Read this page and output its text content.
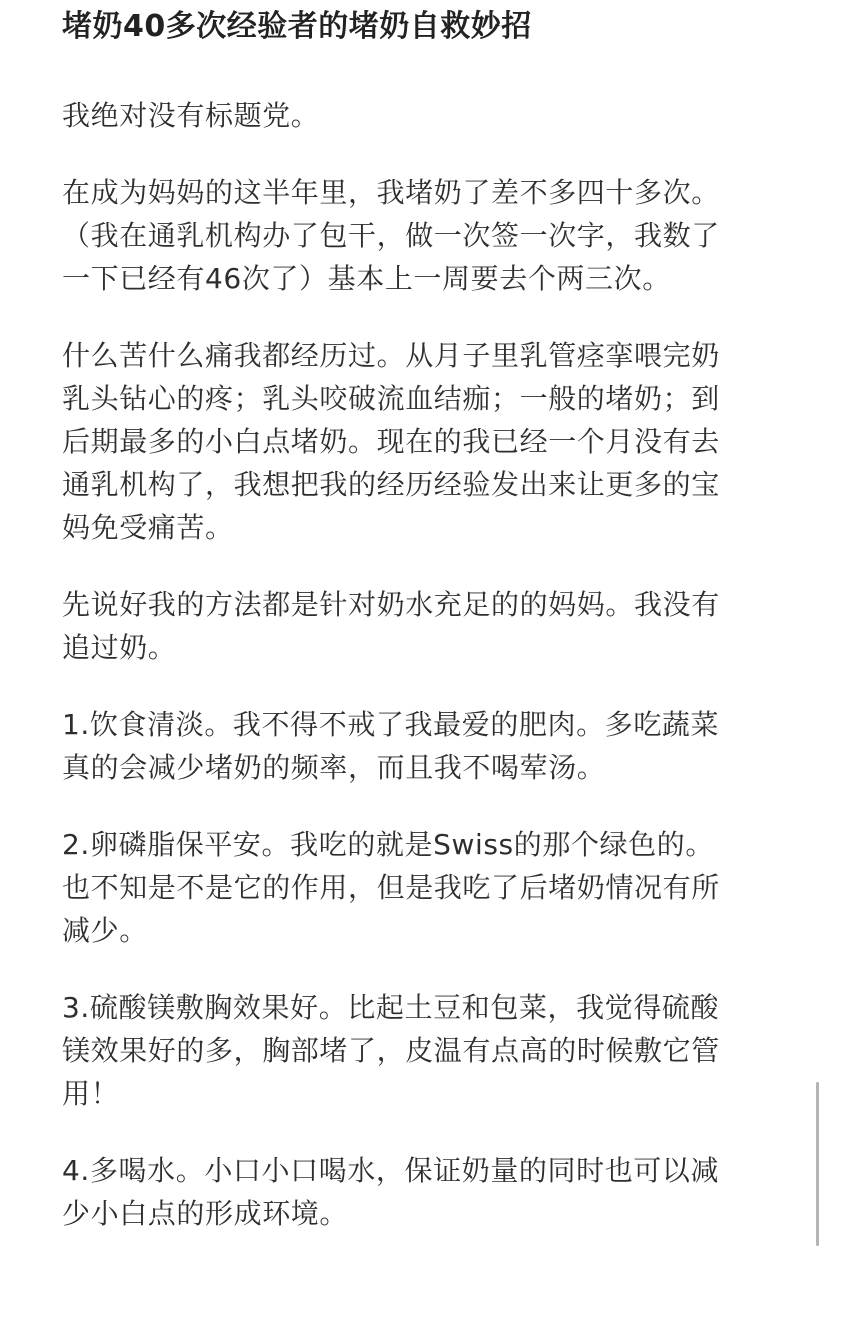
堵奶40多次经验者的堵奶自救妙招

我绝对没有标题党。

在成为妈妈的这半年里，我堵奶了差不多四十多次。
（我在通乳机构办了包干，做一次签一次字，我数了
一下已经有46次了）基本上一周要去个两三次。

什么苦什么痛我都经历过。从月子里乳管痉挛喂完奶
乳头钻心的疼；乳头咬破流血结痂；一般的堵奶；到
后期最多的小白点堵奶。现在的我已经一个月没有去
通乳机构了，我想把我的经历经验发出来让更多的宝
妈免受痛苦。

先说好我的方法都是针对奶水充足的的妈妈。我没有
追过奶。

1.饮食清淡。我不得不戒了我最爱的肥肉。多吃蔬菜
真的会减少堵奶的频率，而且我不喝荤汤。

2.卵磷脂保平安。我吃的就是Swiss的那个绿色的。
也不知是不是它的作用，但是我吃了后堵奶情况有所
减少。

3.硫酸镁敷胸效果好。比起土豆和包菜，我觉得硫酸
镁效果好的多，胸部堵了，皮温有点高的时候敷它管
用！

4.多喝水。小口小口喝水，保证奶量的同时也可以减
少小白点的形成环境。
